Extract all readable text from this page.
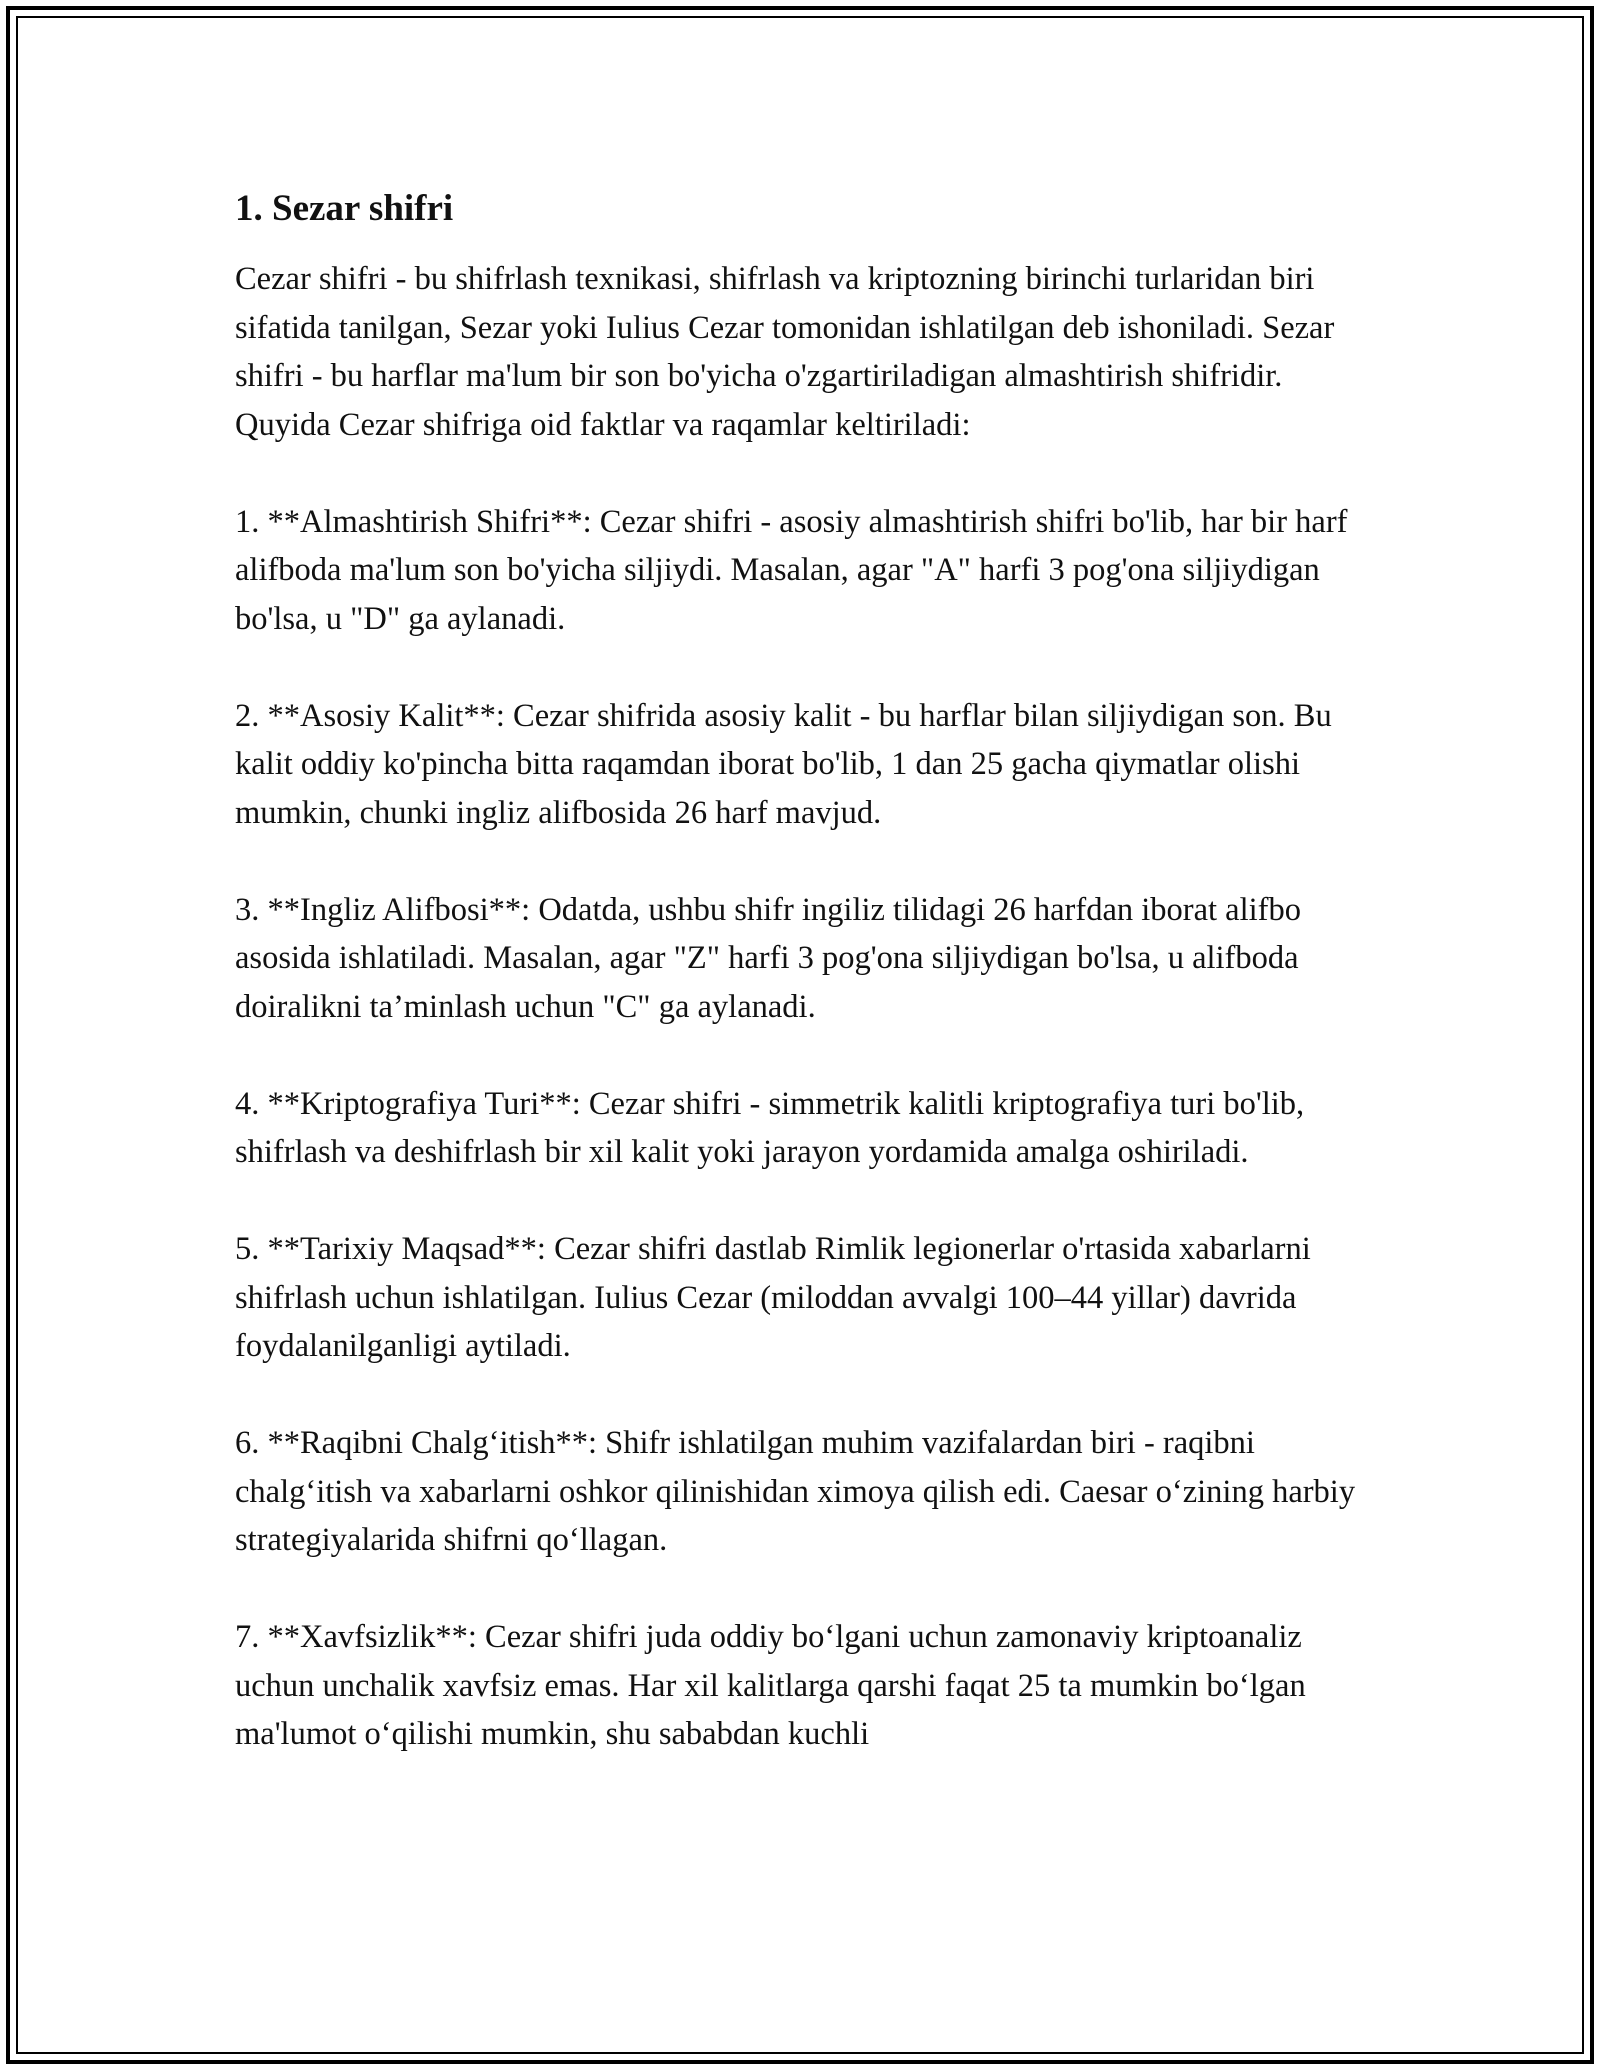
1. Sezar shifri

Cezar shifri - bu shifrlash texnikasi, shifrlash va kriptozning birinchi turlaridan biri sifatida tanilgan, Sezar yoki Iulius Cezar tomonidan ishlatilgan deb ishoniladi. Sezar shifri - bu harflar ma'lum bir son bo'yicha o'zgartiriladigan almashtirish shifridir. Quyida Cezar shifriga oid faktlar va raqamlar keltiriladi:

1. **Almashtirish Shifri**: Cezar shifri - asosiy almashtirish shifri bo'lib, har bir harf alifboda ma'lum son bo'yicha siljiydi. Masalan, agar "A" harfi 3 pog'ona siljiydigan bo'lsa, u "D" ga aylanadi.

2. **Asosiy Kalit**: Cezar shifrida asosiy kalit - bu harflar bilan siljiydigan son. Bu kalit oddiy ko'pincha bitta raqamdan iborat bo'lib, 1 dan 25 gacha qiymatlar olishi mumkin, chunki ingliz alifbosida 26 harf mavjud.

3. **Ingliz Alifbosi**: Odatda, ushbu shifr ingiliz tilidagi 26 harfdan iborat alifbo asosida ishlatiladi. Masalan, agar "Z" harfi 3 pog'ona siljiydigan bo'lsa, u alifboda doiralikni ta’minlash uchun "C" ga aylanadi.

4. **Kriptografiya Turi**: Cezar shifri - simmetrik kalitli kriptografiya turi bo'lib, shifrlash va deshifrlash bir xil kalit yoki jarayon yordamida amalga oshiriladi.

5. **Tarixiy Maqsad**: Cezar shifri dastlab Rimlik legionerlar o'rtasida xabarlarni shifrlash uchun ishlatilgan. Iulius Cezar (miloddan avvalgi 100–44 yillar) davrida foydalanilganligi aytiladi.

6. **Raqibni Chalg‘itish**: Shifr ishlatilgan muhim vazifalardan biri - raqibni chalg‘itish va xabarlarni oshkor qilinishidan ximoya qilish edi. Caesar o‘zining harbiy strategiyalarida shifrni qo‘llagan.

7. **Xavfsizlik**: Cezar shifri juda oddiy bo‘lgani uchun zamonaviy kriptoanaliz uchun unchalik xavfsiz emas. Har xil kalitlarga qarshi faqat 25 ta mumkin bo‘lgan ma'lumot o‘qilishi mumkin, shu sababdan kuchli
